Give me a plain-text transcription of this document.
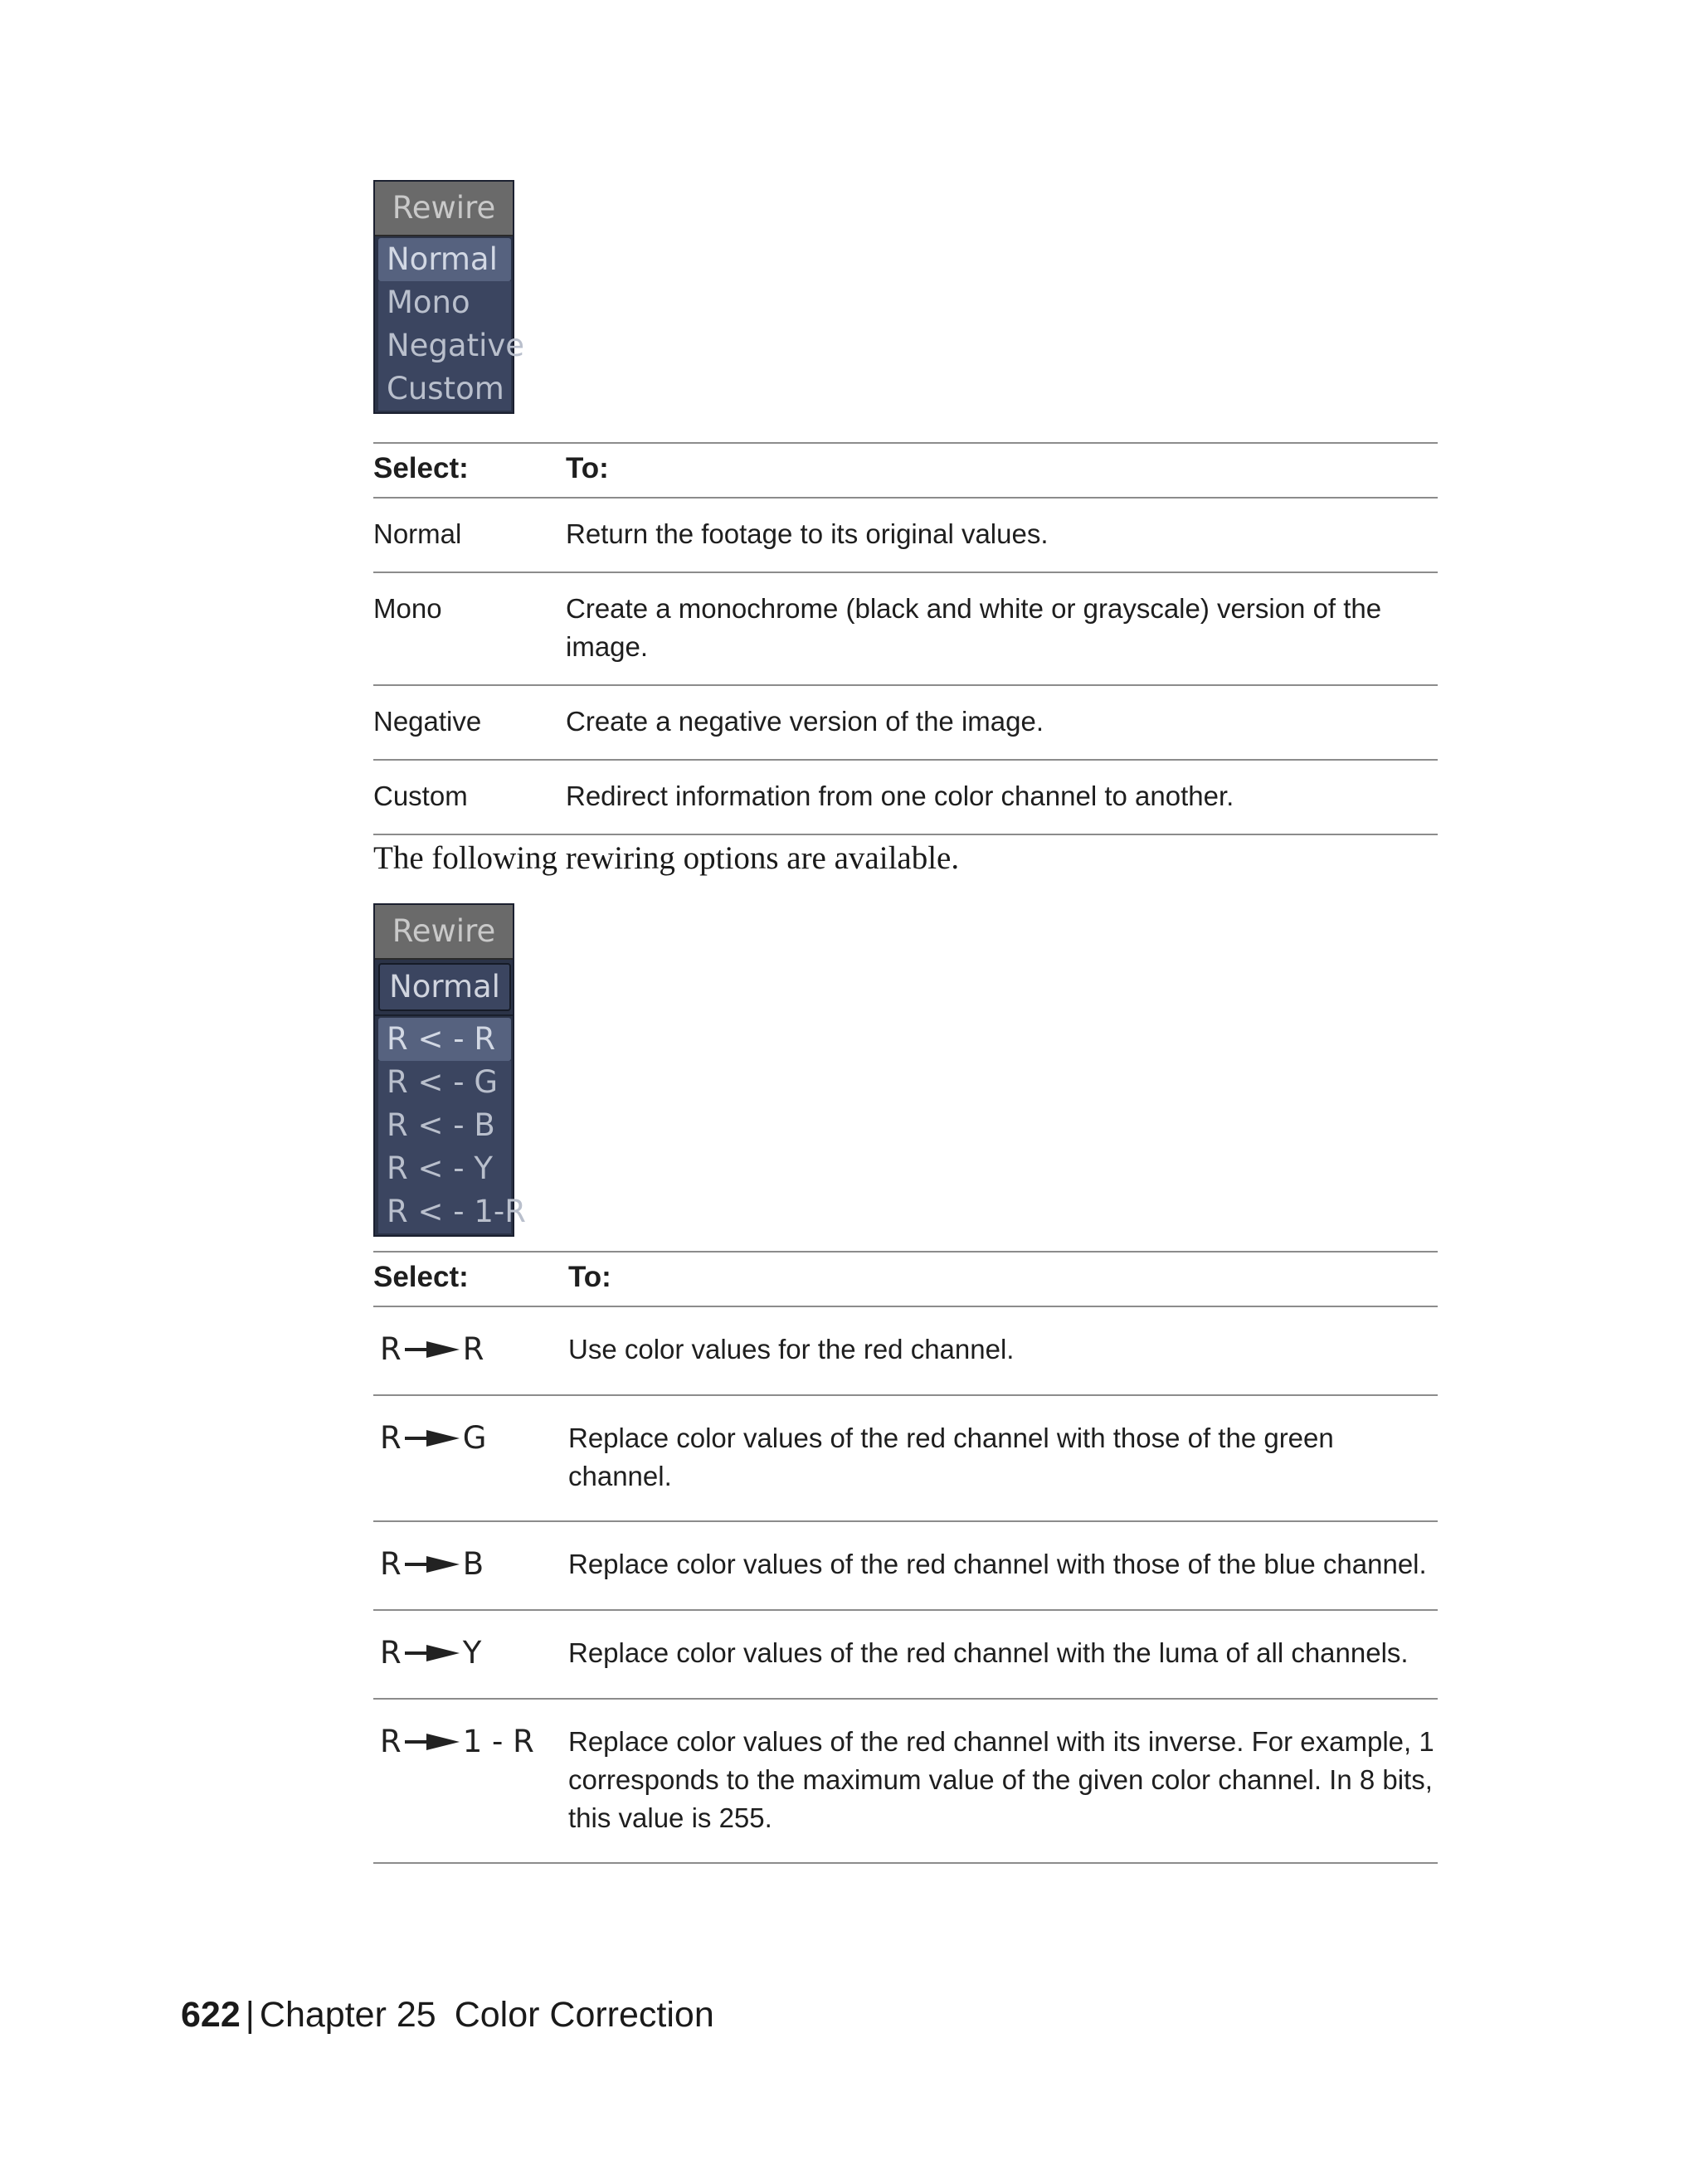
Rewire
Normal
Mono
Negative
Custom
Select:	To:
Normal	Return the footage to its original values.
Mono	Create a monochrome (black and white or grayscale) version of the image.
Negative	Create a negative version of the image.
Custom	Redirect information from one color channel to another.

The following rewiring options are available.

Rewire
Normal
R < - R
R < - G
R < - B
R < - Y
R < - 1-R
Select:	To:

R R	Use color values for the red channel.

R G	Replace color values of the red channel with those of the green channel.

R B	Replace color values of the red channel with those of the blue channel.

R Y	Replace color values of the red channel with the luma of all channels.

R 1 - R	Replace color values of the red channel with its inverse. For example, 1 corresponds to the maximum value of the given color channel. In 8 bits, this value is 255.
622 | Chapter 25 Color Correction
